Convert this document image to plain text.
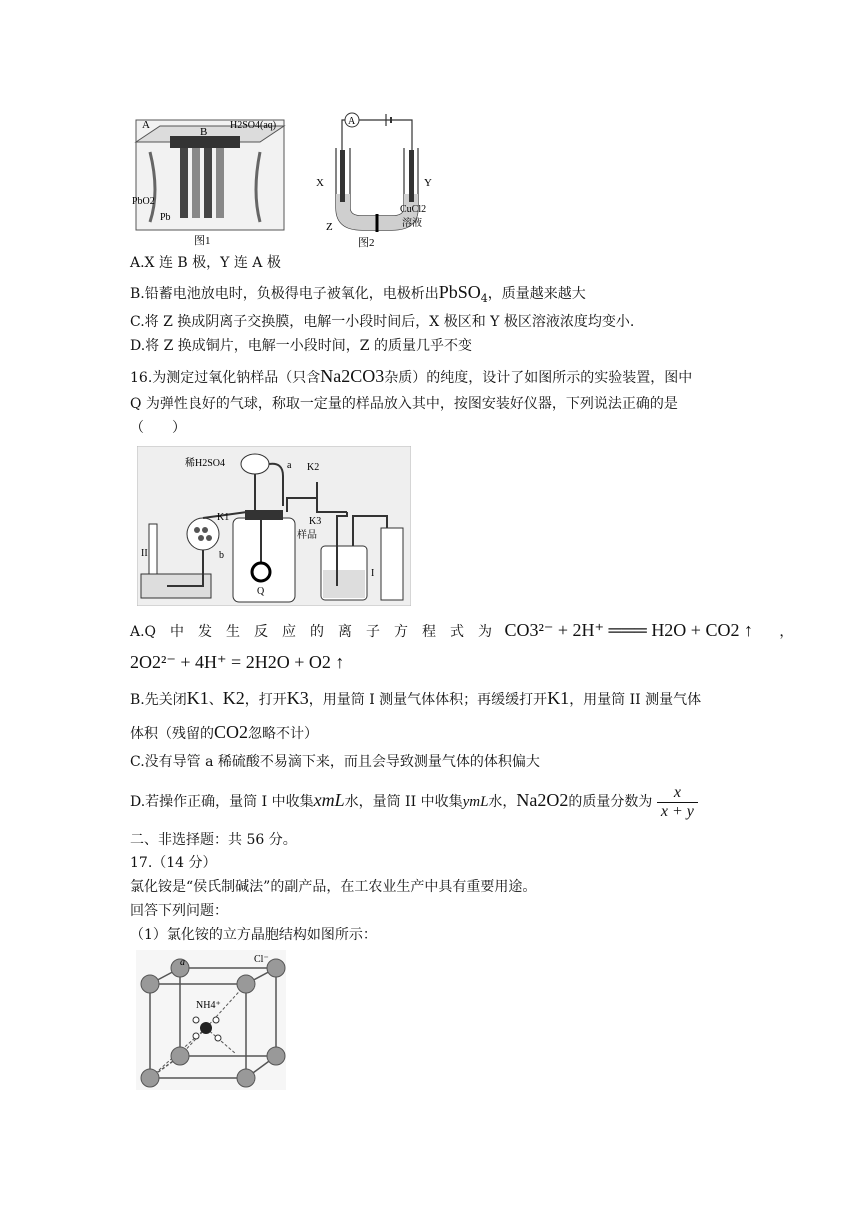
A
B
H2SO4(aq)
PbO2
Pb
图1
A
X	Y
Z
CuCl2
溶液
图2
A.X 连 B 极，Y 连 A 极
B.铅蓄电池放电时，负极得电子被氧化，电极析出PbSO$_4$，质量越来越大
C.将 Z 换成阴离子交换膜，电解一小段时间后，X 极区和 Y 极区溶液浓度均变小.
D.将 Z 换成铜片，电解一小段时间，Z 的质量几乎不变
16.为测定过氧化钠样品（只含Na2CO3杂质）的纯度，设计了如图所示的实验装置，图中
Q 为弹性良好的气球，称取一定量的样品放入其中，按图安装好仪器，下列说法正确的是
（　　）
II	b
K1
稀H2SO4	a
Q
样品
K2
K3
I
A.Q　中　发　生　反　应　的　离　子　方　程　式　为 CO3²⁻ + 2H⁺ ═══ H2O + CO2 ↑ ，
2O2²⁻ + 4H⁺ = 2H2O + O2 ↑
B.先关闭K1、K2，打开K3，用量筒 I 测量气体体积；再缓缓打开K1，用量筒 II 测量气体
体积（残留的CO2忽略不计）
C.没有导管 a 稀硫酸不易滴下来，而且会导致测量气体的体积偏大
D.若操作正确，量筒 I 中收集xmL水，量筒 II 中收集ymL水，Na2O2的质量分数为 $\frac{x}{x + y}$
二、非选择题：共 56 分。
17.（14 分）
氯化铵是“侯氏制碱法”的副产品，在工农业生产中具有重要用途。
回答下列问题：
（1）氯化铵的立方晶胞结构如图所示：
a	Cl⁻
NH4⁺
